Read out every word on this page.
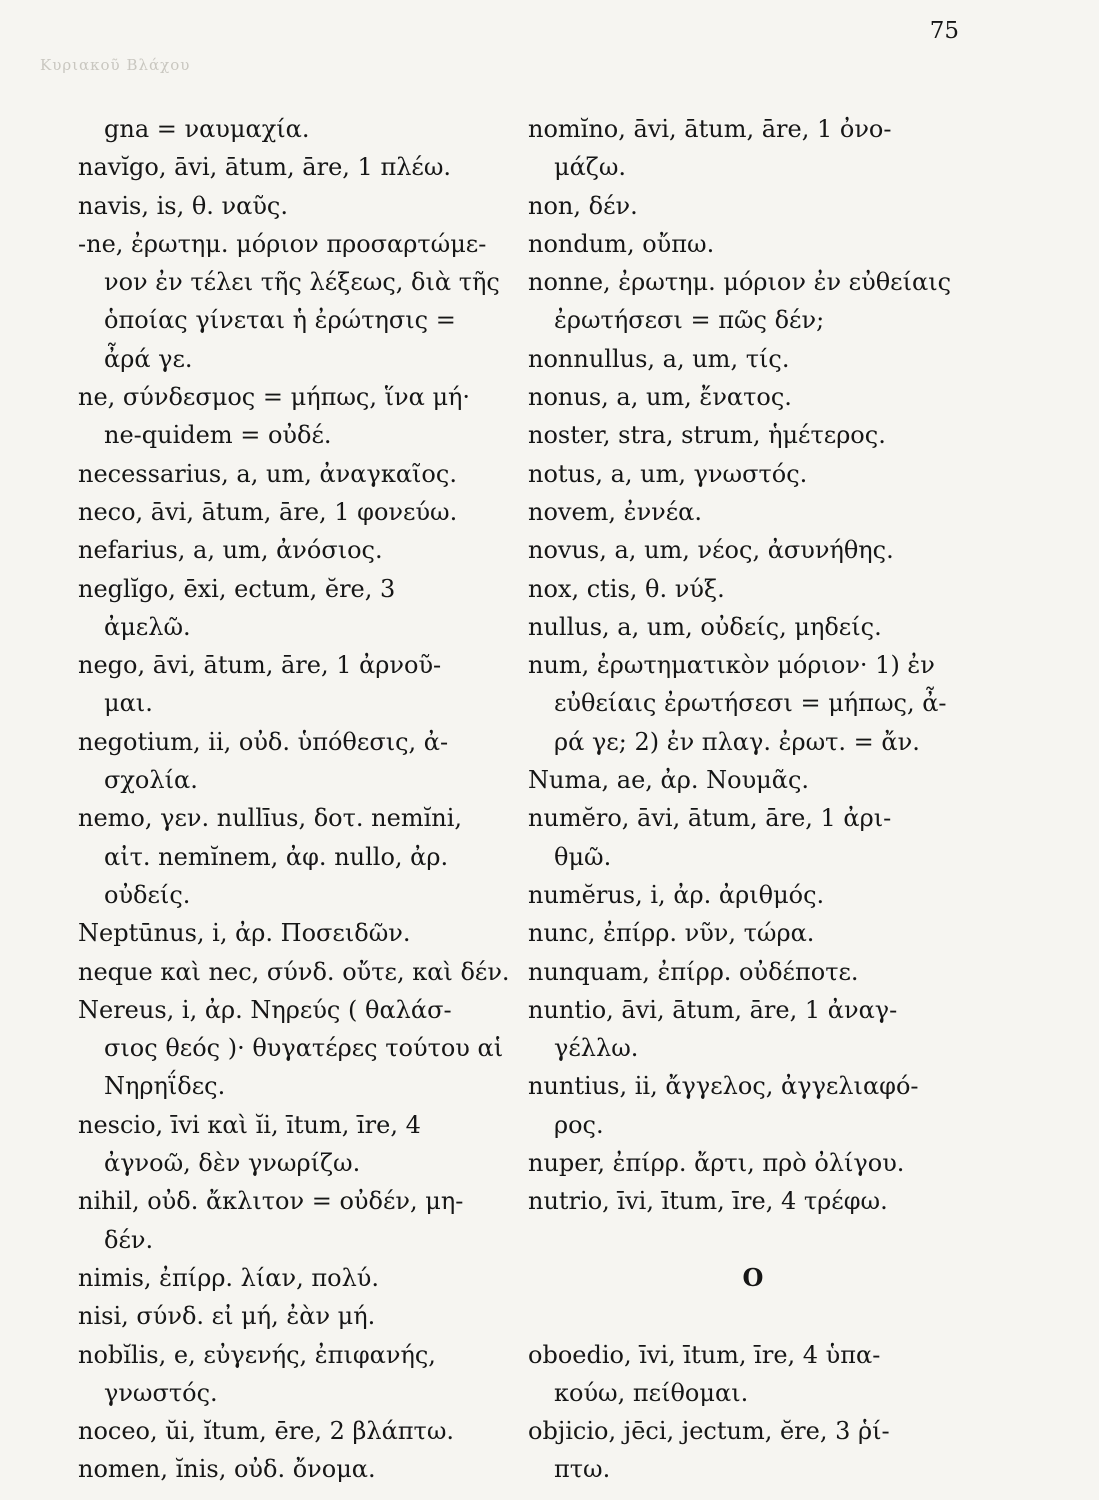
Κυριακοῦ Βλάχου
75
gna = ναυμαχία.
navĭgo, āvi, ātum, āre, 1 πλέω.
navis, is, θ. ναῦς.
-ne, ἐρωτημ. μόριον προσαρτώμε-
νον ἐν τέλει τῆς λέξεως, διὰ τῆς
ὁποίας γίνεται ἡ ἐρώτησις =
ἆρά γε.
ne, σύνδεσμος = μήπως, ἵνα μή·
ne-quidem = οὐδέ.
necessarius, a, um, ἀναγκαῖος.
neco, āvi, ātum, āre, 1 φονεύω.
nefarius, a, um, ἀνόσιος.
neglĭgo, ēxi, ectum, ĕre, 3
ἀμελῶ.
nego, āvi, ātum, āre, 1 ἀρνοῦ-
μαι.
negotium, ii, οὐδ. ὑπόθεσις, ἀ-
σχολία.
nemo, γεν. nullīus, δοτ. nemĭni,
αἰτ. nemĭnem, ἀφ. nullo, ἀρ.
οὐδείς.
Neptūnus, i, ἀρ. Ποσειδῶν.
neque καὶ nec, σύνδ. οὔτε, καὶ δέν.
Nereus, i, ἀρ. Νηρεύς ( θαλάσ-
σιος θεός )· θυγατέρες τούτου αἱ
Νηρηΐδες.
nescio, īvi καὶ ĭi, ītum, īre, 4
ἀγνοῶ, δὲν γνωρίζω.
nihil, οὐδ. ἄκλιτον = οὐδέν, μη-
δέν.
nimis, ἐπίρρ. λίαν, πολύ.
nisi, σύνδ. εἰ μή, ἐὰν μή.
nobĭlis, e, εὐγενής, ἐπιφανής,
γνωστός.
noceo, ŭi, ĭtum, ēre, 2 βλάπτω.
nomen, ĭnis, οὐδ. ὄνομα.
nomĭno, āvi, ātum, āre, 1 ὀνο-
μάζω.
non, δέν.
nondum, οὔπω.
nonne, ἐρωτημ. μόριον ἐν εὐθείαις
ἐρωτήσεσι = πῶς δέν;
nonnullus, a, um, τίς.
nonus, a, um, ἔνατος.
noster, stra, strum, ἡμέτερος.
notus, a, um, γνωστός.
novem, ἐννέα.
novus, a, um, νέος, ἀσυνήθης.
nox, ctis, θ. νύξ.
nullus, a, um, οὐδείς, μηδείς.
num, ἐρωτηματικὸν μόριον· 1) ἐν
εὐθείαις ἐρωτήσεσι = μήπως, ἆ-
ρά γε; 2) ἐν πλαγ. ἐρωτ. = ἄν.
Numa, ae, ἀρ. Νουμᾶς.
numĕro, āvi, ātum, āre, 1 ἀρι-
θμῶ.
numĕrus, i, ἀρ. ἀριθμός.
nunc, ἐπίρρ. νῦν, τώρα.
nunquam, ἐπίρρ. οὐδέποτε.
nuntio, āvi, ātum, āre, 1 ἀναγ-
γέλλω.
nuntius, ii, ἄγγελος, ἀγγελιαφό-
ρος.
nuper, ἐπίρρ. ἄρτι, πρὸ ὀλίγου.
nutrio, īvi, ītum, īre, 4 τρέφω.
O
oboedio, īvi, ītum, īre, 4 ὑπα-
κούω, πείθομαι.
objicio, jēci, jectum, ĕre, 3 ῥί-
πτω.
